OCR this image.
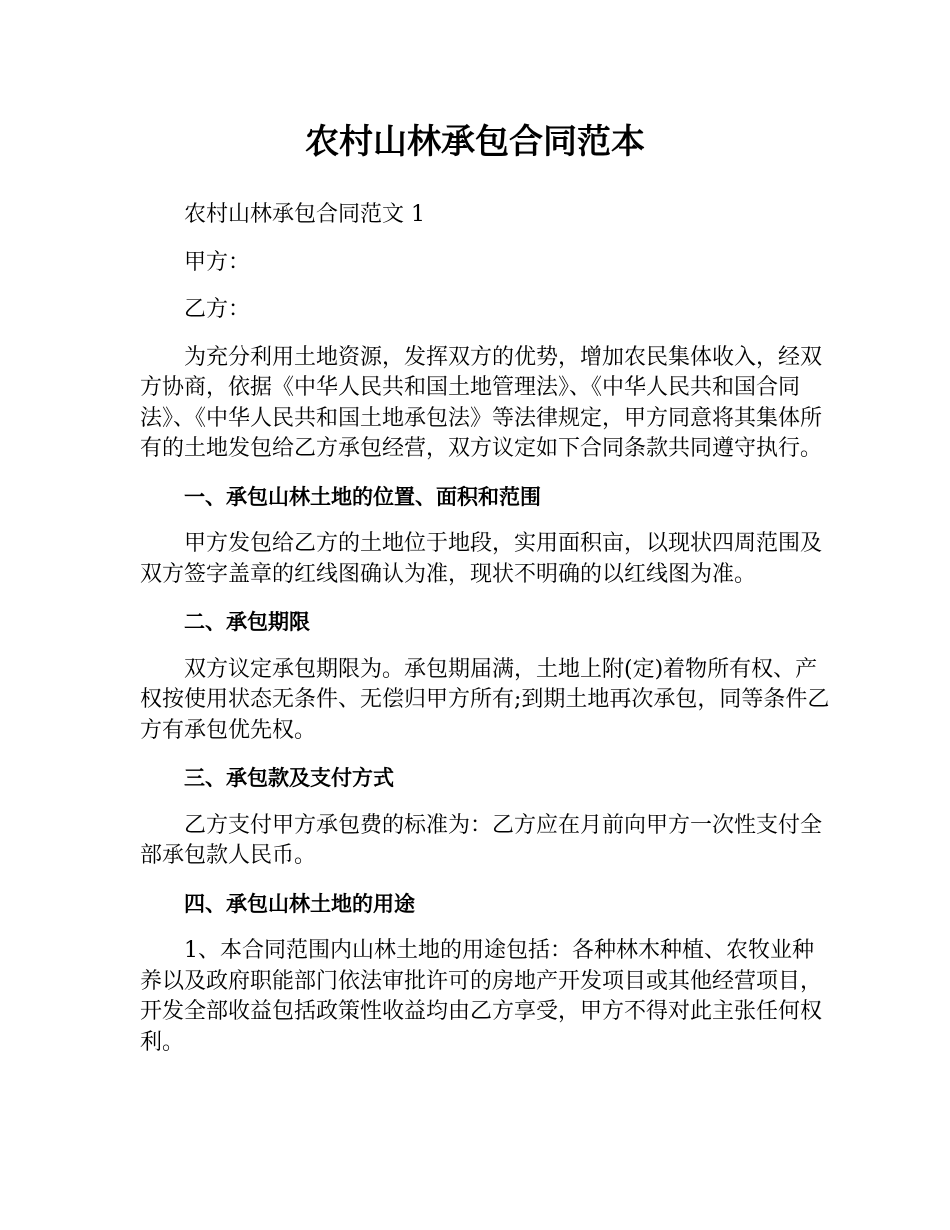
农村山林承包合同范本

农村山林承包合同范文 1

甲方：

乙方：

为充分利用土地资源，发挥双方的优势，增加农民集体收入，经双方协商，依据《中华人民共和国土地管理法》、《中华人民共和国合同法》、《中华人民共和国土地承包法》等法律规定，甲方同意将其集体所有的土地发包给乙方承包经营，双方议定如下合同条款共同遵守执行。

一、承包山林土地的位置、面积和范围

甲方发包给乙方的土地位于地段，实用面积亩，以现状四周范围及双方签字盖章的红线图确认为准，现状不明确的以红线图为准。

二、承包期限

双方议定承包期限为。承包期届满，土地上附(定)着物所有权、产权按使用状态无条件、无偿归甲方所有;到期土地再次承包，同等条件乙方有承包优先权。

三、承包款及支付方式

乙方支付甲方承包费的标准为：乙方应在月前向甲方一次性支付全部承包款人民币。

四、承包山林土地的用途

1、本合同范围内山林土地的用途包括：各种林木种植、农牧业种养以及政府职能部门依法审批许可的房地产开发项目或其他经营项目，开发全部收益包括政策性收益均由乙方享受，甲方不得对此主张任何权利。
